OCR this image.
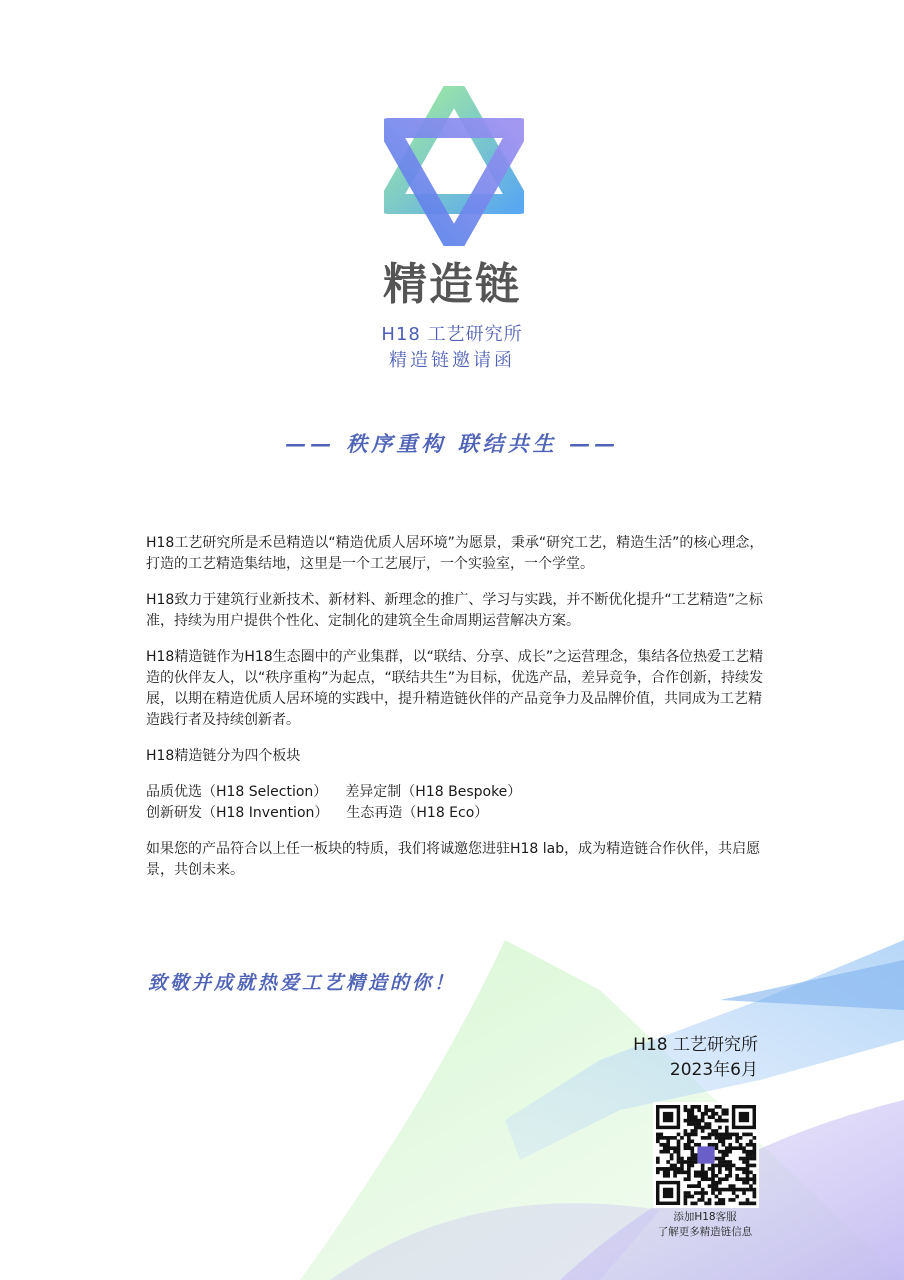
精造链
H18 工艺研究所
精造链邀请函
—— 秩序重构 联结共生 ——

H18工艺研究所是禾邑精造以“精造优质人居环境”为愿景，秉承“研究工艺，精造生活”的核心理念，打造的工艺精造集结地，这里是一个工艺展厅，一个实验室，一个学堂。

H18致力于建筑行业新技术、新材料、新理念的推广、学习与实践，并不断优化提升“工艺精造”之标准，持续为用户提供个性化、定制化的建筑全生命周期运营解决方案。

H18精造链作为H18生态圈中的产业集群，以“联结、分享、成长”之运营理念，集结各位热爱工艺精造的伙伴友人，以“秩序重构”为起点，“联结共生”为目标，优选产品，差异竞争，合作创新，持续发展，以期在精造优质人居环境的实践中，提升精造链伙伴的产品竞争力及品牌价值，共同成为工艺精造践行者及持续创新者。

H18精造链分为四个板块

品质优选（H18 Selection） 差异定制（H18 Bespoke）
创新研发（H18 Invention） 生态再造（H18 Eco）

如果您的产品符合以上任一板块的特质，我们将诚邀您进驻H18 lab，成为精造链合作伙伴，共启愿景，共创未来。

致敬并成就热爱工艺精造的你！
H18 工艺研究所
2023年6月
添加H18客服
了解更多精造链信息
